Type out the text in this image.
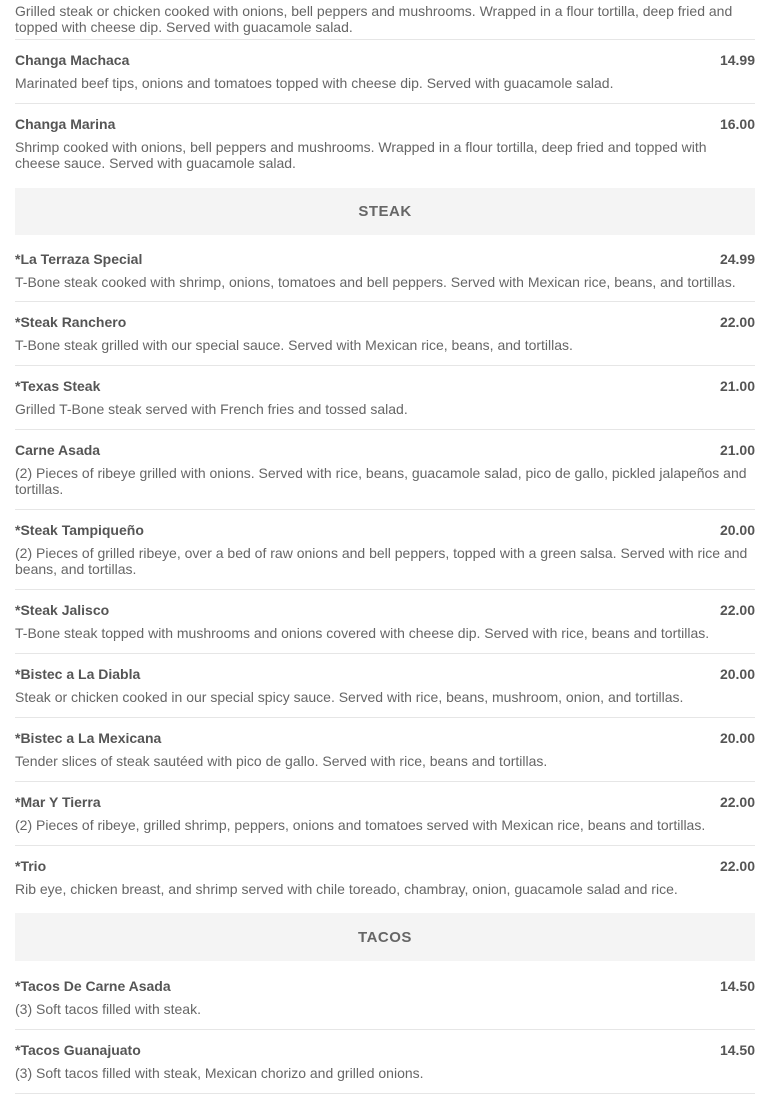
Grilled steak or chicken cooked with onions, bell peppers and mushrooms. Wrapped in a flour tortilla, deep fried and topped with cheese dip. Served with guacamole salad.
Changa Machaca	14.99
Marinated beef tips, onions and tomatoes topped with cheese dip. Served with guacamole salad.
Changa Marina	16.00
Shrimp cooked with onions, bell peppers and mushrooms. Wrapped in a flour tortilla, deep fried and topped with cheese sauce. Served with guacamole salad.
STEAK
*La Terraza Special	24.99
T-Bone steak cooked with shrimp, onions, tomatoes and bell peppers. Served with Mexican rice, beans, and tortillas.
*Steak Ranchero	22.00
T-Bone steak grilled with our special sauce. Served with Mexican rice, beans, and tortillas.
*Texas Steak	21.00
Grilled T-Bone steak served with French fries and tossed salad.
Carne Asada	21.00
(2) Pieces of ribeye grilled with onions. Served with rice, beans, guacamole salad, pico de gallo, pickled jalapeños and tortillas.
*Steak Tampiqueño	20.00
(2) Pieces of grilled ribeye, over a bed of raw onions and bell peppers, topped with a green salsa. Served with rice and beans, and tortillas.
*Steak Jalisco	22.00
T-Bone steak topped with mushrooms and onions covered with cheese dip. Served with rice, beans and tortillas.
*Bistec a La Diabla	20.00
Steak or chicken cooked in our special spicy sauce. Served with rice, beans, mushroom, onion, and tortillas.
*Bistec a La Mexicana	20.00
Tender slices of steak sautéed with pico de gallo. Served with rice, beans and tortillas.
*Mar Y Tierra	22.00
(2) Pieces of ribeye, grilled shrimp, peppers, onions and tomatoes served with Mexican rice, beans and tortillas.
*Trio	22.00
Rib eye, chicken breast, and shrimp served with chile toreado, chambray, onion, guacamole salad and rice.
TACOS
*Tacos De Carne Asada	14.50
(3) Soft tacos filled with steak.
*Tacos Guanajuato	14.50
(3) Soft tacos filled with steak, Mexican chorizo and grilled onions.
